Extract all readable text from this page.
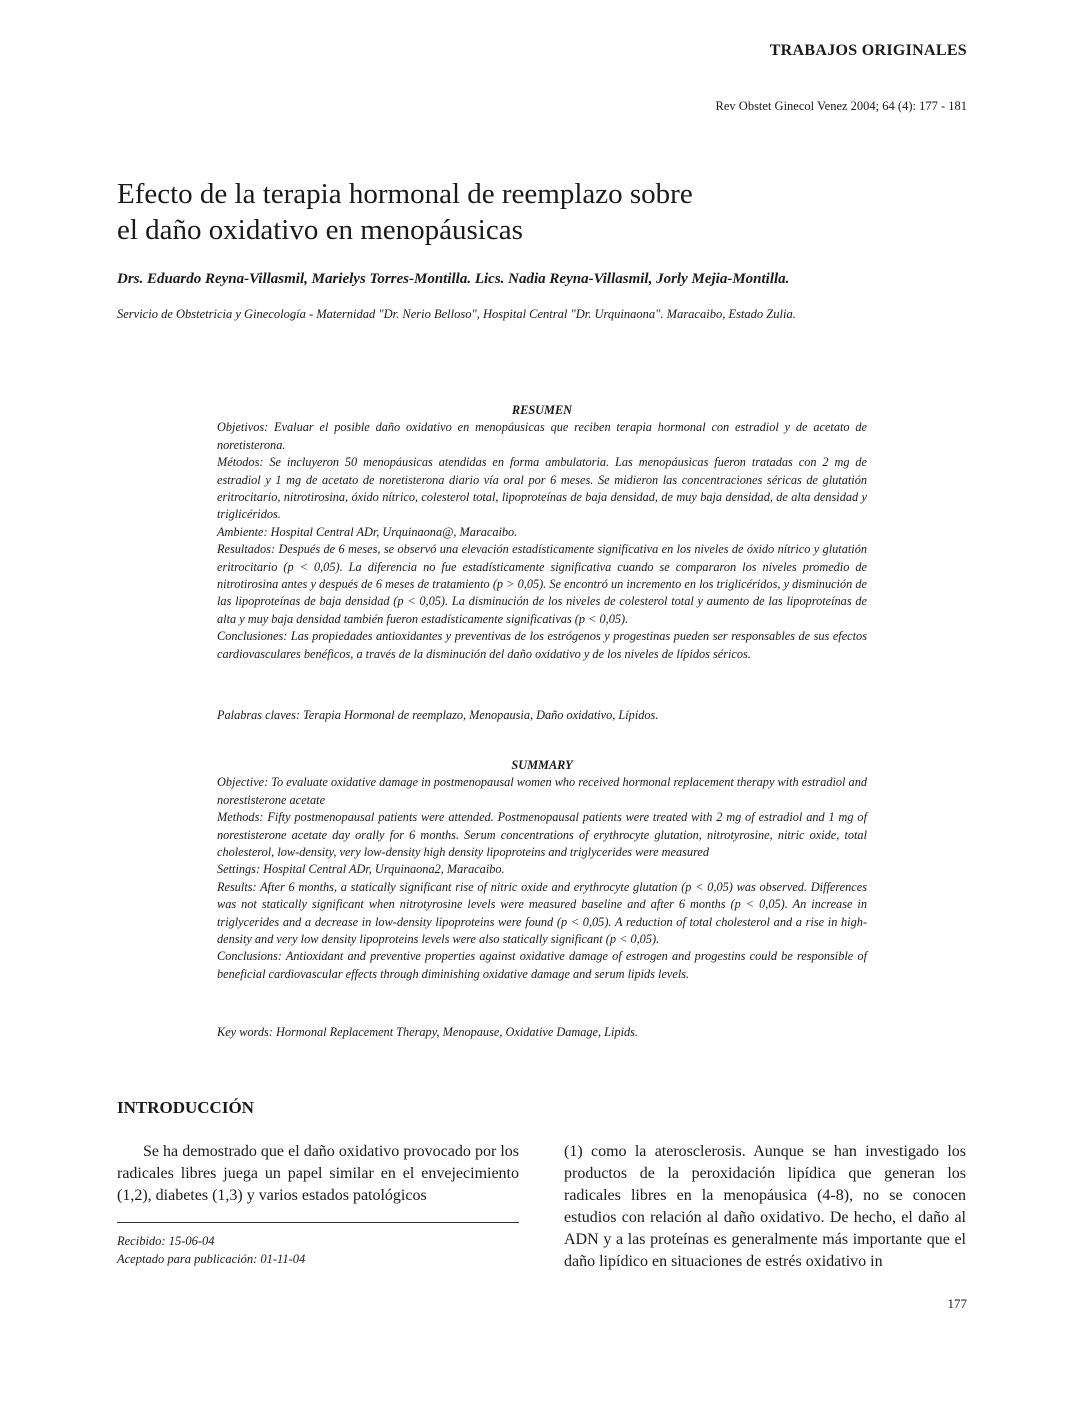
TRABAJOS ORIGINALES
Rev Obstet Ginecol Venez 2004; 64 (4): 177 - 181
Efecto de la terapia hormonal de reemplazo sobre
el daño oxidativo en menopáusicas
Drs. Eduardo Reyna-Villasmil, Marielys Torres-Montilla. Lics. Nadia Reyna-Villasmil, Jorly Mejia-Montilla.
Servicio de Obstetricia y Ginecología - Maternidad "Dr. Nerio Belloso", Hospital Central "Dr. Urquinaona". Maracaibo, Estado Zulia.
RESUMEN

Objetivos: Evaluar el posible daño oxidativo en menopáusicas que reciben terapia hormonal con estradiol y de acetato de noretisterona.

Métodos: Se incluyeron 50 menopáusicas atendidas en forma ambulatoria. Las menopáusicas fueron tratadas con 2 mg de estradiol y 1 mg de acetato de noretisterona diario vía oral por 6 meses. Se midieron las concentraciones séricas de glutatión eritrocitario, nitrotirosina, óxido nítrico, colesterol total, lipoproteínas de baja densidad, de muy baja densidad, de alta densidad y triglicéridos.

Ambiente: Hospital Central ADr, Urquinaona@, Maracaibo.

Resultados: Después de 6 meses, se observó una elevación estadísticamente significativa en los niveles de óxido nítrico y glutatión eritrocitario (p < 0,05). La diferencia no fue estadísticamente significativa cuando se compararon los niveles promedio de nitrotirosina antes y después de 6 meses de tratamiento (p > 0,05). Se encontró un incremento en los triglicéridos, y disminución de las lipoproteínas de baja densidad (p < 0,05). La disminución de los niveles de colesterol total y aumento de las lipoproteínas de alta y muy baja densidad también fueron estadísticamente significativas (p < 0,05).

Conclusiones: Las propiedades antioxidantes y preventivas de los estrógenos y progestinas pueden ser responsables de sus efectos cardiovasculares benéficos, a través de la disminución del daño oxidativo y de los niveles de lípidos séricos.

Palabras claves: Terapia Hormonal de reemplazo, Menopausia, Daño oxidativo, Lípidos.
SUMMARY

Objective: To evaluate oxidative damage in postmenopausal women who received hormonal replacement therapy with estradiol and norestisterone acetate

Methods: Fifty postmenopausal patients were attended. Postmenopausal patients were treated with 2 mg of estradiol and 1 mg of norestisterone acetate day orally for 6 months. Serum concentrations of erythrocyte glutation, nitrotyrosine, nitric oxide, total cholesterol, low-density, very low-density high density lipoproteins and triglycerides were measured

Settings: Hospital Central ADr, Urquinaona2, Maracaibo.

Results: After 6 months, a statically significant rise of nitric oxide and erythrocyte glutation (p < 0,05) was observed. Differences was not statically significant when nitrotyrosine levels were measured baseline and after 6 months (p < 0,05). An increase in triglycerides and a decrease in low-density lipoproteins were found (p < 0,05). A reduction of total cholesterol and a rise in high-density and very low density lipoproteins levels were also statically significant (p < 0,05).

Conclusions: Antioxidant and preventive properties against oxidative damage of estrogen and progestins could be responsible of beneficial cardiovascular effects through diminishing oxidative damage and serum lipids levels.

Key words: Hormonal Replacement Therapy, Menopause, Oxidative Damage, Lipids.
INTRODUCCIÓN

Se ha demostrado que el daño oxidativo provocado por los radicales libres juega un papel similar en el envejecimiento (1,2), diabetes (1,3) y varios estados patológicos

(1) como la aterosclerosis. Aunque se han investigado los productos de la peroxidación lipídica que generan los radicales libres en la menopáusica (4-8), no se conocen estudios con relación al daño oxidativo. De hecho, el daño al ADN y a las proteínas es generalmente más importante que el daño lipídico en situaciones de estrés oxidativo in

Recibido: 15-06-04
Aceptado para publicación: 01-11-04
177
